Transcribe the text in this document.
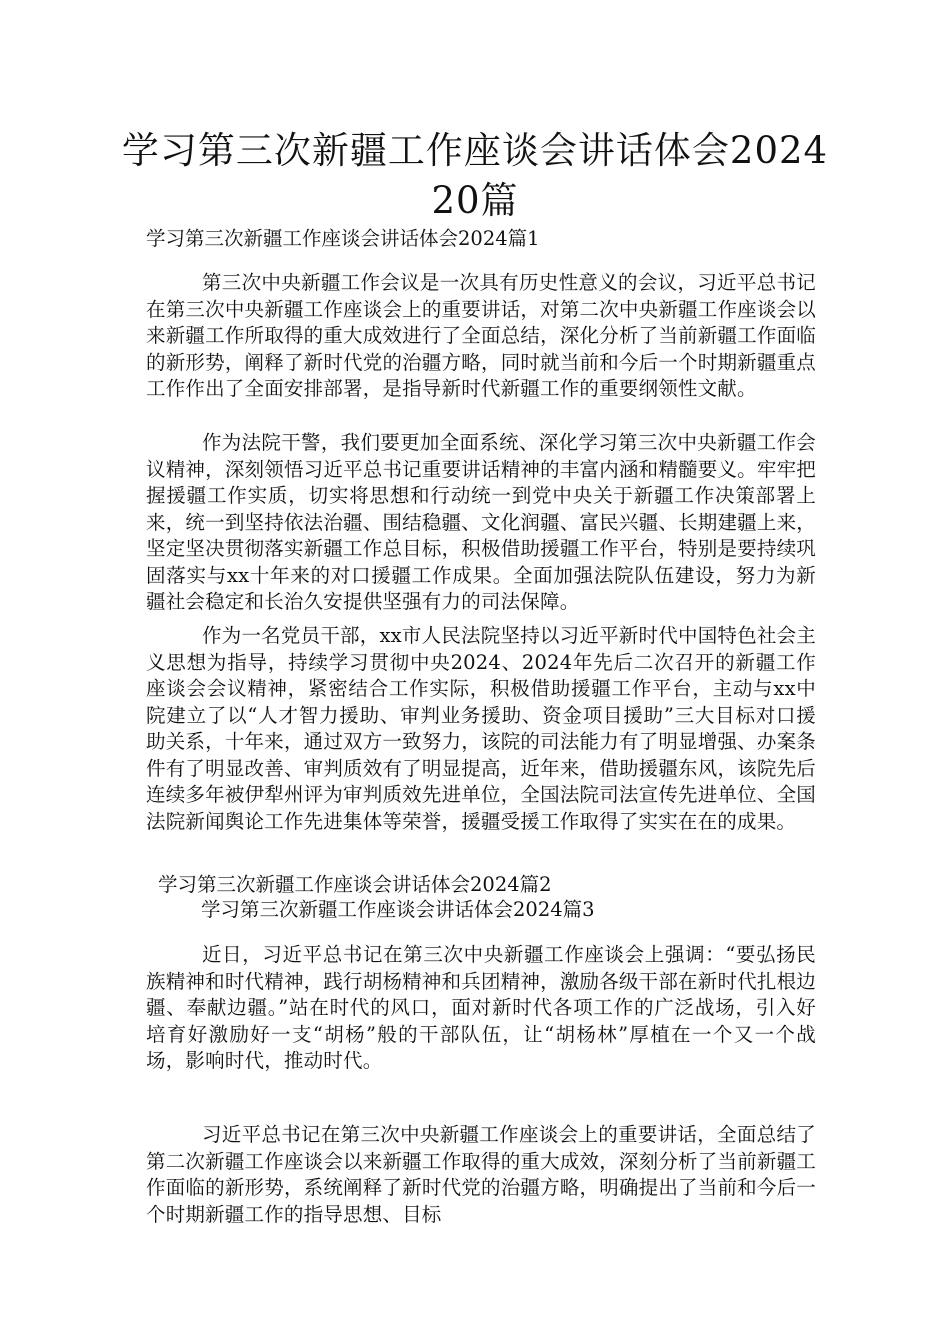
学习第三次新疆工作座谈会讲话体会2024 20篇

学习第三次新疆工作座谈会讲话体会2024篇1

第三次中央新疆工作会议是一次具有历史性意义的会议，习近平总书记在第三次中央新疆工作座谈会上的重要讲话，对第二次中央新疆工作座谈会以来新疆工作所取得的重大成效进行了全面总结，深化分析了当前新疆工作面临的新形势，阐释了新时代党的治疆方略，同时就当前和今后一个时期新疆重点工作作出了全面安排部署，是指导新时代新疆工作的重要纲领性文献。

作为法院干警，我们要更加全面系统、深化学习第三次中央新疆工作会议精神，深刻领悟习近平总书记重要讲话精神的丰富内涵和精髓要义。牢牢把握援疆工作实质，切实将思想和行动统一到党中央关于新疆工作决策部署上来，统一到坚持依法治疆、围结稳疆、文化润疆、富民兴疆、长期建疆上来，坚定坚决贯彻落实新疆工作总目标，积极借助援疆工作平台，特别是要持续巩固落实与xx十年来的对口援疆工作成果。全面加强法院队伍建设，努力为新疆社会稳定和长治久安提供坚强有力的司法保障。

作为一名党员干部，xx市人民法院坚持以习近平新时代中国特色社会主义思想为指导，持续学习贯彻中央2024、2024年先后二次召开的新疆工作座谈会会议精神，紧密结合工作实际，积极借助援疆工作平台，主动与xx中院建立了以“人才智力援助、审判业务援助、资金项目援助”三大目标对口援助关系，十年来，通过双方一致努力，该院的司法能力有了明显增强、办案条件有了明显改善、审判质效有了明显提高，近年来，借助援疆东风，该院先后连续多年被伊犁州评为审判质效先进单位，全国法院司法宣传先进单位、全国法院新闻舆论工作先进集体等荣誉，援疆受援工作取得了实实在在的成果。

学习第三次新疆工作座谈会讲话体会2024篇2

学习第三次新疆工作座谈会讲话体会2024篇3

近日，习近平总书记在第三次中央新疆工作座谈会上强调：“要弘扬民族精神和时代精神，践行胡杨精神和兵团精神，激励各级干部在新时代扎根边疆、奉献边疆。”站在时代的风口，面对新时代各项工作的广泛战场，引入好培育好激励好一支“胡杨”般的干部队伍，让“胡杨林”厚植在一个又一个战场，影响时代，推动时代。

习近平总书记在第三次中央新疆工作座谈会上的重要讲话，全面总结了第二次新疆工作座谈会以来新疆工作取得的重大成效，深刻分析了当前新疆工作面临的新形势，系统阐释了新时代党的治疆方略，明确提出了当前和今后一个时期新疆工作的指导思想、目标
